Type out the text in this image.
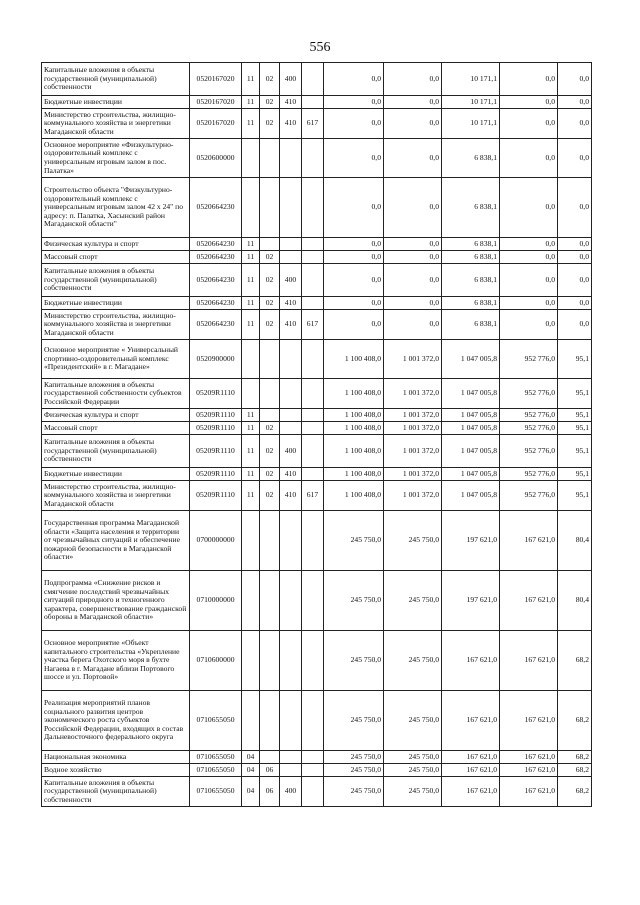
556
Капитальные вложения в объекты государственной (муниципальной) собственности	0520167020	11	02	400		0,0	0,0	10 171,1	0,0	0,0
Бюджетные инвестиции	0520167020	11	02	410		0,0	0,0	10 171,1	0,0	0,0
Министерство строительства, жилищно-коммунального хозяйства и энергетики Магаданской области	0520167020	11	02	410	617	0,0	0,0	10 171,1	0,0	0,0
Основное мероприятие «Физкультурно-оздоровительный комплекс с универсальным игровым залом в пос. Палатка»	0520600000					0,0	0,0	6 838,1	0,0	0,0
Строительство объекта "Физкультурно-оздоровительный комплекс с универсальным игровым залом 42 х 24" по адресу: п. Палатка, Хасынский район Магаданской области"	0520664230					0,0	0,0	6 838,1	0,0	0,0
Физическая культура и спорт	0520664230	11				0,0	0,0	6 838,1	0,0	0,0
Массовый спорт	0520664230	11	02			0,0	0,0	6 838,1	0,0	0,0
Капитальные вложения в объекты государственной (муниципальной) собственности	0520664230	11	02	400		0,0	0,0	6 838,1	0,0	0,0
Бюджетные инвестиции	0520664230	11	02	410		0,0	0,0	6 838,1	0,0	0,0
Министерство строительства, жилищно-коммунального хозяйства и энергетики Магаданской области	0520664230	11	02	410	617	0,0	0,0	6 838,1	0,0	0,0
Основное мероприятие « Универсальный спортивно-оздоровительный комплекс «Президентский» в г. Магадане»	0520900000					1 100 408,0	1 001 372,0	1 047 005,8	952 776,0	95,1
Капитальные вложения в объекты государственной собственности субъектов Российской Федерации	05209R1110					1 100 408,0	1 001 372,0	1 047 005,8	952 776,0	95,1
Физическая культура и спорт	05209R1110	11				1 100 408,0	1 001 372,0	1 047 005,8	952 776,0	95,1
Массовый спорт	05209R1110	11	02			1 100 408,0	1 001 372,0	1 047 005,8	952 776,0	95,1
Капитальные вложения в объекты государственной (муниципальной) собственности	05209R1110	11	02	400		1 100 408,0	1 001 372,0	1 047 005,8	952 776,0	95,1
Бюджетные инвестиции	05209R1110	11	02	410		1 100 408,0	1 001 372,0	1 047 005,8	952 776,0	95,1
Министерство строительства, жилищно-коммунального хозяйства и энергетики Магаданской области	05209R1110	11	02	410	617	1 100 408,0	1 001 372,0	1 047 005,8	952 776,0	95,1
Государственная программа Магаданской области «Защита населения и территории от чрезвычайных ситуаций и обеспечение пожарной безопасности в Магаданской области»	0700000000					245 750,0	245 750,0	197 621,0	167 621,0	80,4
Подпрограмма «Снижение рисков и смягчение последствий чрезвычайных ситуаций природного и техногенного характера, совершенствование гражданской обороны в Магаданской области»	0710000000					245 750,0	245 750,0	197 621,0	167 621,0	80,4
Основное мероприятие «Объект капитального строительства «Укрепление участка берега Охотского моря в бухте Нагаева в г. Магадане вблизи Портового шоссе и ул. Портовой»	0710600000					245 750,0	245 750,0	167 621,0	167 621,0	68,2
Реализация мероприятий планов социального развития центров экономического роста субъектов Российской Федерации, входящих в состав Дальневосточного федерального округа	0710655050					245 750,0	245 750,0	167 621,0	167 621,0	68,2
Национальная экономика	0710655050	04				245 750,0	245 750,0	167 621,0	167 621,0	68,2
Водное хозяйство	0710655050	04	06			245 750,0	245 750,0	167 621,0	167 621,0	68,2
Капитальные вложения в объекты государственной (муниципальной) собственности	0710655050	04	06	400		245 750,0	245 750,0	167 621,0	167 621,0	68,2
